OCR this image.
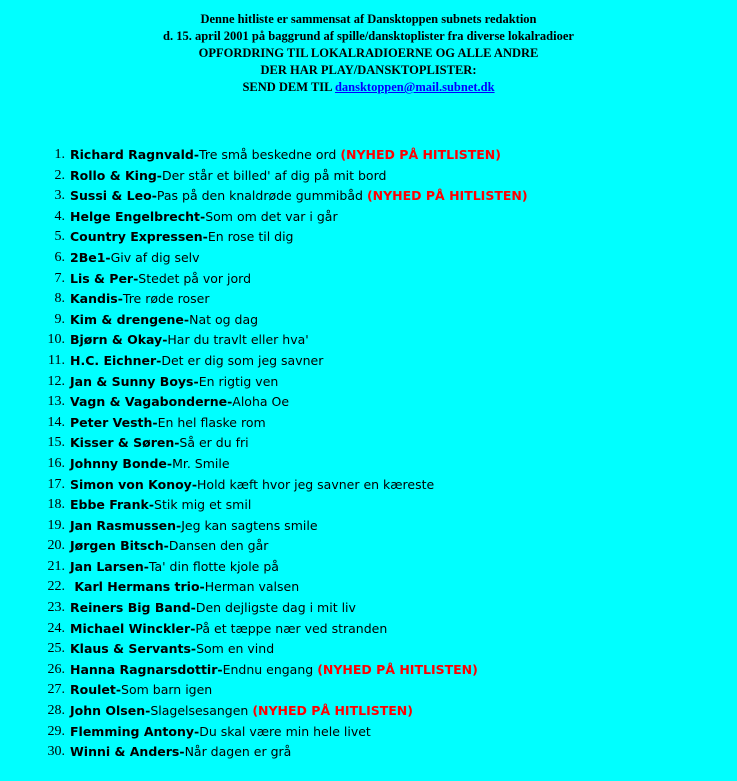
Denne hitliste er sammensat af Dansktoppen subnets redaktion
d. 15. april 2001 på baggrund af spille/dansktoplister fra diverse lokalradioer
OPFORDRING TIL LOKALRADIOERNE OG ALLE ANDRE
DER HAR PLAY/DANSKTOPLISTER:
SEND DEM TIL dansktoppen@mail.subnet.dk
1. Richard Ragnvald-Tre små beskedne ord (NYHED PÅ HITLISTEN)
2. Rollo & King-Der står et billed' af dig på mit bord
3. Sussi & Leo-Pas på den knaldrøde gummibåd (NYHED PÅ HITLISTEN)
4. Helge Engelbrecht-Som om det var i går
5. Country Expressen-En rose til dig
6. 2Be1-Giv af dig selv
7. Lis & Per-Stedet på vor jord
8. Kandis-Tre røde roser
9. Kim & drengene-Nat og dag
10. Bjørn & Okay-Har du travlt eller hva'
11. H.C. Eichner-Det er dig som jeg savner
12. Jan & Sunny Boys-En rigtig ven
13. Vagn & Vagabonderne-Aloha Oe
14. Peter Vesth-En hel flaske rom
15. Kisser & Søren-Så er du fri
16. Johnny Bonde-Mr. Smile
17. Simon von Konoy-Hold kæft hvor jeg savner en kæreste
18. Ebbe Frank-Stik mig et smil
19. Jan Rasmussen-Jeg kan sagtens smile
20. Jørgen Bitsch-Dansen den går
21. Jan Larsen-Ta' din flotte kjole på
22. Karl Hermans trio-Herman valsen
23. Reiners Big Band-Den dejligste dag i mit liv
24. Michael Winckler-På et tæppe nær ved stranden
25. Klaus & Servants-Som en vind
26. Hanna Ragnarsdottir-Endnu engang (NYHED PÅ HITLISTEN)
27. Roulet-Som barn igen
28. John Olsen-Slagelsesangen (NYHED PÅ HITLISTEN)
29. Flemming Antony-Du skal være min hele livet
30. Winni & Anders-Når dagen er grå
